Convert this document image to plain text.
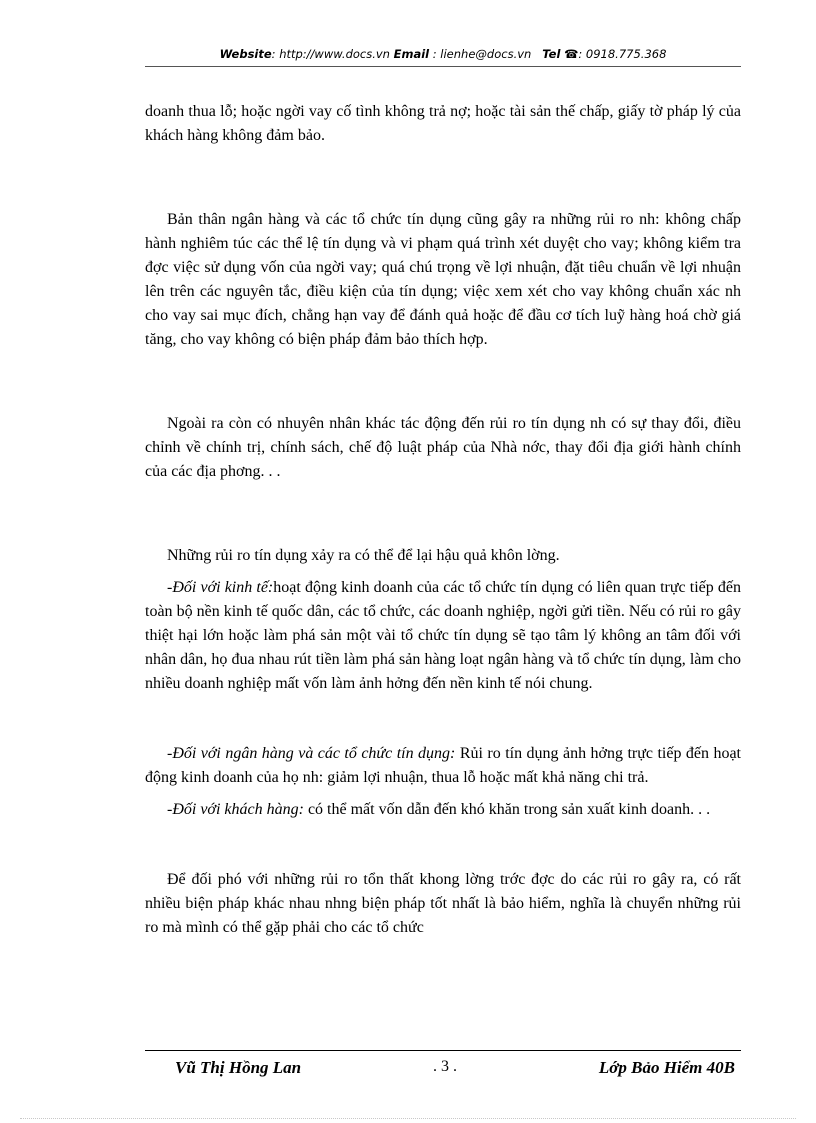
Website: http://www.docs.vn Email : lienhe@docs.vn Tel ☎: 0918.775.368

doanh thua lỗ; hoặc ngời vay cố tình không trả nợ; hoặc tài sản thế chấp, giấy tờ pháp lý của khách hàng không đảm bảo.

Bản thân ngân hàng và các tổ chức tín dụng cũng gây ra những rủi ro nh: không chấp hành nghiêm túc các thể lệ tín dụng và vi phạm quá trình xét duyệt cho vay; không kiểm tra đợc việc sử dụng vốn của ngời vay; quá chú trọng về lợi nhuận, đặt tiêu chuẩn về lợi nhuận lên trên các nguyên tắc, điều kiện của tín dụng; việc xem xét cho vay không chuẩn xác nh cho vay sai mục đích, chẳng hạn vay để đánh quả hoặc để đầu cơ tích luỹ hàng hoá chờ giá tăng, cho vay không có biện pháp đảm bảo thích hợp.

Ngoài ra còn có nhuyên nhân khác tác động đến rủi ro tín dụng nh có sự thay đổi, điều chỉnh về chính trị, chính sách, chế độ luật pháp của Nhà nớc, thay đổi địa giới hành chính của các địa phơng. . .

Những rủi ro tín dụng xảy ra có thể để lại hậu quả khôn lờng.

-Đối với kinh tế:hoạt động kinh doanh của các tổ chức tín dụng có liên quan trực tiếp đến toàn bộ nền kinh tế quốc dân, các tổ chức, các doanh nghiệp, ngời gửi tiền. Nếu có rủi ro gây thiệt hại lớn hoặc làm phá sản một vài tổ chức tín dụng sẽ tạo tâm lý không an tâm đối với nhân dân, họ đua nhau rút tiền làm phá sản hàng loạt ngân hàng và tổ chức tín dụng, làm cho nhiều doanh nghiệp mất vốn làm ảnh hởng đến nền kinh tế nói chung.

-Đối với ngân hàng và các tổ chức tín dụng: Rủi ro tín dụng ảnh hởng trực tiếp đến hoạt động kinh doanh của họ nh: giảm lợi nhuận, thua lỗ hoặc mất khả năng chi trả.

-Đối với khách hàng: có thể mất vốn dẫn đến khó khăn trong sản xuất kinh doanh. . .

Để đối phó với những rủi ro tổn thất khong lờng trớc đợc do các rủi ro gây ra, có rất nhiều biện pháp khác nhau nhng biện pháp tốt nhất là bảo hiểm, nghĩa là chuyển những rủi ro mà mình có thể gặp phải cho các tổ chức

Vũ Thị Hồng Lan	. 3 .	Lớp Bảo Hiểm 40B
